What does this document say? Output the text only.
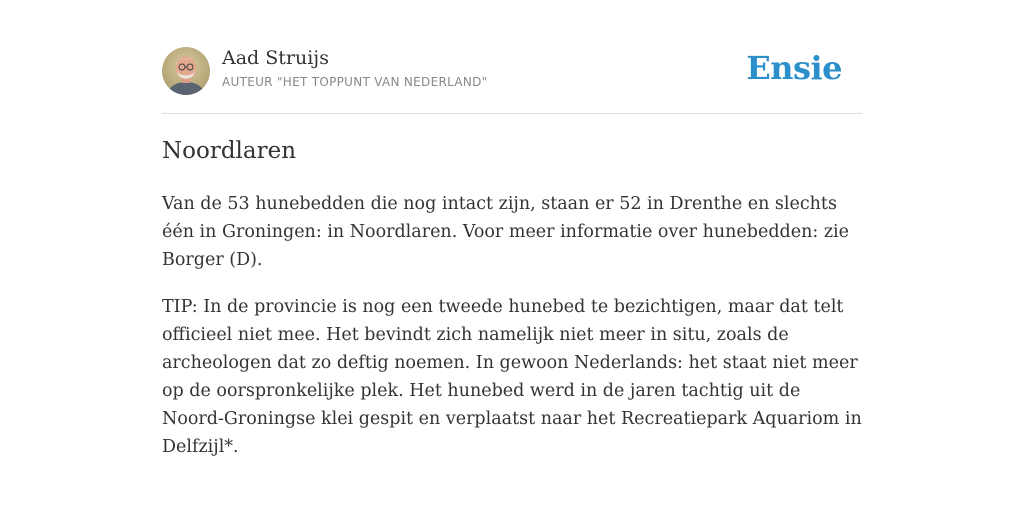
Aad Struijs
AUTEUR "HET TOPPUNT VAN NEDERLAND"	Ensie
Noordlaren

Van de 53 hunebedden die nog intact zijn, staan er 52 in Drenthe en slechts één in Groningen: in Noordlaren. Voor meer informatie over hunebedden: zie Borger (D).

TIP: In de provincie is nog een tweede hunebed te bezichtigen, maar dat telt officieel niet mee. Het bevindt zich namelijk niet meer in situ, zoals de archeologen dat zo deftig noemen. In gewoon Nederlands: het staat niet meer op de oorspronkelijke plek. Het hunebed werd in de jaren tachtig uit de Noord-Groningse klei gespit en verplaatst naar het Recreatiepark Aquariom in Delfzijl*.
